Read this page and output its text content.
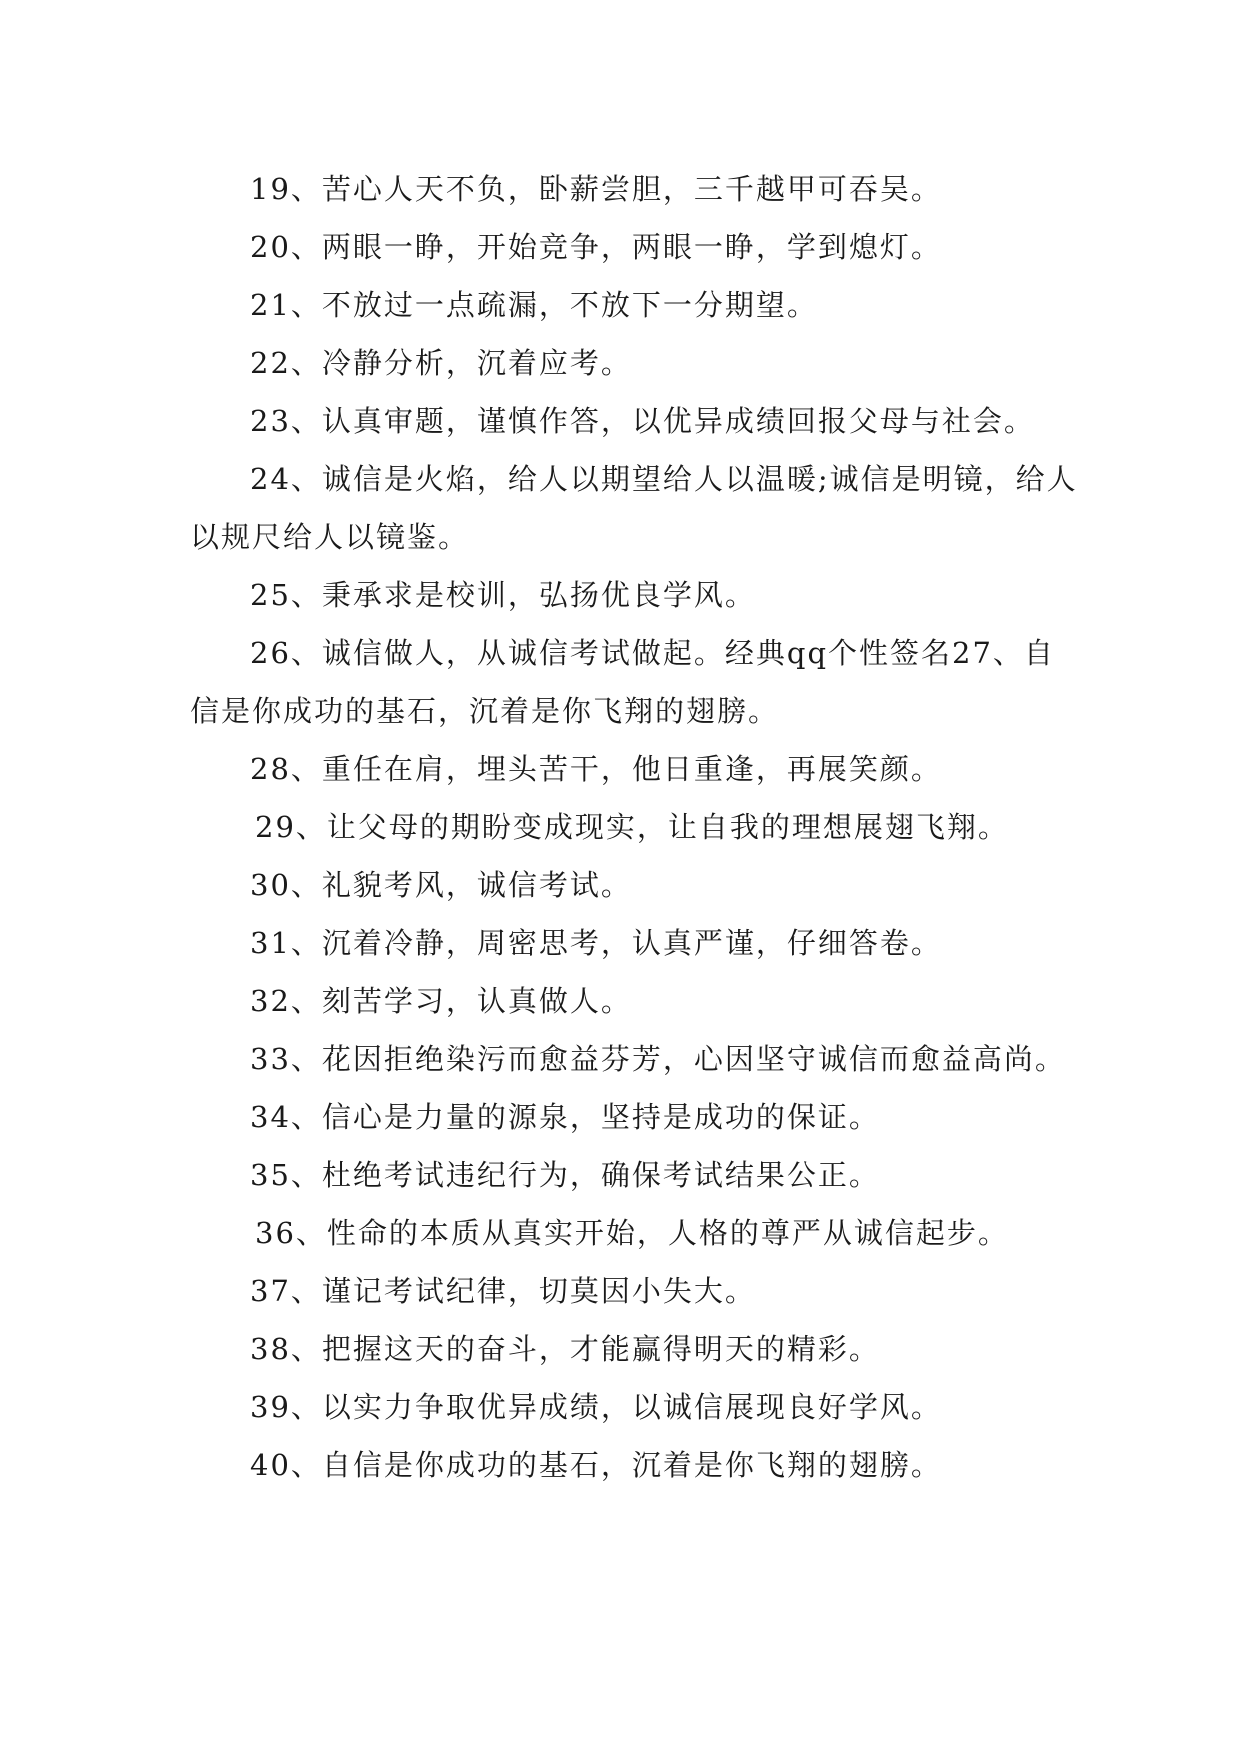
19、苦心人天不负，卧薪尝胆，三千越甲可吞吴。

20、两眼一睁，开始竞争，两眼一睁，学到熄灯。

21、不放过一点疏漏，不放下一分期望。

22、冷静分析，沉着应考。

23、认真审题，谨慎作答，以优异成绩回报父母与社会。

24、诚信是火焰，给人以期望给人以温暖;诚信是明镜，给人以规尺给人以镜鉴。

25、秉承求是校训，弘扬优良学风。

26、诚信做人，从诚信考试做起。经典qq个性签名27、自信是你成功的基石，沉着是你飞翔的翅膀。

28、重任在肩，埋头苦干，他日重逢，再展笑颜。

29、让父母的期盼变成现实，让自我的理想展翅飞翔。

30、礼貌考风，诚信考试。

31、沉着冷静，周密思考，认真严谨，仔细答卷。

32、刻苦学习，认真做人。

33、花因拒绝染污而愈益芬芳，心因坚守诚信而愈益高尚。

34、信心是力量的源泉，坚持是成功的保证。

35、杜绝考试违纪行为，确保考试结果公正。

36、性命的本质从真实开始，人格的尊严从诚信起步。

37、谨记考试纪律，切莫因小失大。

38、把握这天的奋斗，才能赢得明天的精彩。

39、以实力争取优异成绩，以诚信展现良好学风。

40、自信是你成功的基石，沉着是你飞翔的翅膀。
